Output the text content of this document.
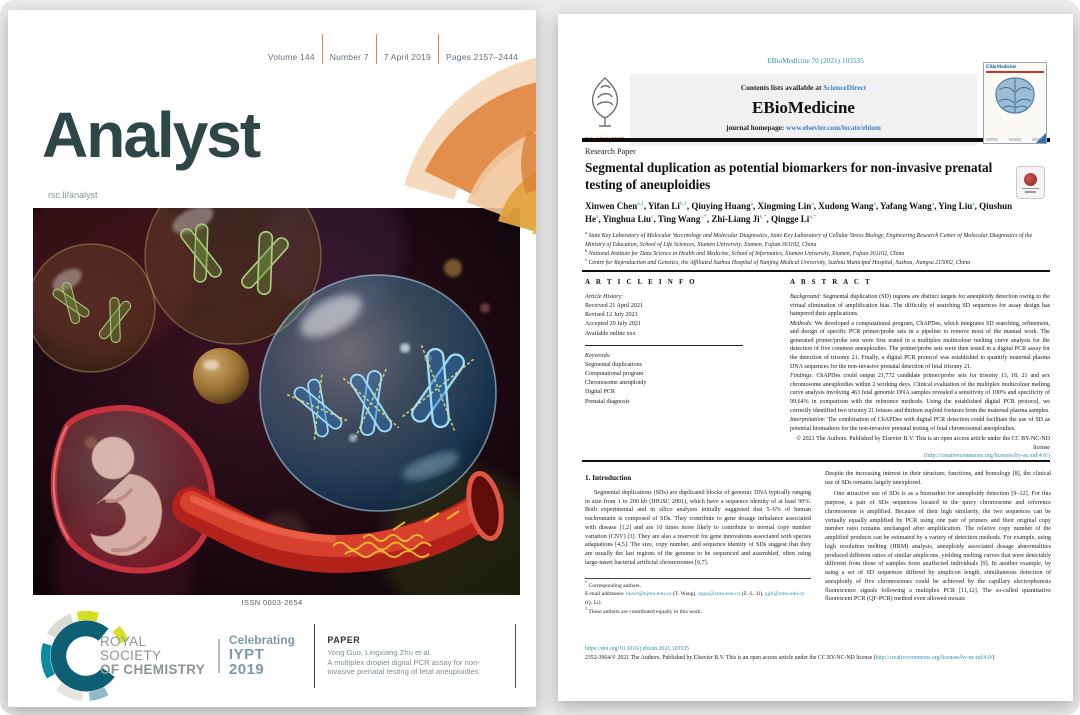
Volume 144 Number 7 7 April 2019 Pages 2157–2444
Analyst
rsc.li/analyst
ISSN 0003-2654
ROYAL SOCIETY
OF CHEMISTRY
Celebrating
IYPT 2019
PAPER
Yong Guo, Lingxiang Zhu et al.
A multiplex droplet digital PCR assay for non-invasive prenatal testing of fetal aneuploidies
EBioMedicine 70 (2021) 103535
Contents lists available at ScienceDirect
EBioMedicine
journal homepage: www.elsevier.com/locate/ebiom
EBioMedicine
Research Paper
Segmental duplication as potential biomarkers for non-invasive prenatal testing of aneuploidies
Xinwen Chen$^{a,1}$, Yifan Li$^{b,1}$, Qiuying Huang$^a$, Xingming Lin$^a$, Xudong Wang$^a$, Yafang Wang$^a$, Ying Liu$^a$, Qiushun He$^a$, Yinghua Liu$^c$, Ting Wang$^{c,*}$, Zhi-Liang $Ji^{b,*}$, Qingge $Li^{a,*}$
$^a$ State Key Laboratory of Molecular Vaccinology and Molecular Diagnostics, State Key Laboratory of Cellular Stress Biology, Engineering Research Center of Molecular Diagnostics of the Ministry of Education, School of Life Sciences, Xiamen University, Xiamen, Fujian 361102, China
$^b$ National Institute for Data Science in Health and Medicine, School of Informatics, Xiamen University, Xiamen, Fujian 361102, China
$^c$ Centre for Reproduction and Genetics, the Affiliated Suzhou Hospital of Nanjing Medical University, Suzhou Municipal Hospital, Suzhou, Jiangsu 215002, China
A R T I C L E I N F O
Article History:
Received 21 April 2021
Revised 12 July 2021
Accepted 20 July 2021
Available online xxx
Keywords:
Segmental duplications
Computational program
Chromosome aneuploidy
Digital PCR
Prenatal diagnosis
A B S T R A C T

Background: Segmental duplication (SD) regions are distinct targets for aneuploidy detection owing to the virtual elimination of amplification bias. The difficulty of searching SD sequences for assay design has hampered their applications.

Methods: We developed a computational program, ChAPDes, which integrates SD searching, refinement, and design of specific PCR primer/probe sets in a pipeline to remove most of the manual work. The generated primer/probe sets were first tested in a multiplex multicolour melting curve analysis for the detection of five common aneuploidies. The primer/probe sets were then tested in a digital PCR assay for the detection of trisomy 21. Finally, a digital PCR protocol was established to quantify maternal plasma DNA sequences for the non-invasive prenatal detection of fetal trisomy 21.

Findings: ChAPDes could output 21,772 candidate primer/probe sets for trisomy 13, 18, 21 and sex chromosome aneuploidies within 2 working days. Clinical evaluation of the multiplex multicolour melting curve analysis involving 463 fetal genomic DNA samples revealed a sensitivity of 100% and specificity of 99.64% in comparison with the reference methods. Using the established digital PCR protocol, we correctly identified two trisomy 21 fetuses and thirteen euploid foetuses from the maternal plasma samples.

Interpretation: The combination of ChAPDes with digital PCR detection could facilitate the use of SD as potential biomarkers for the non-invasive prenatal testing of fetal chromosomal aneuploidies.

© 2021 The Authors. Published by Elsevier B.V. This is an open access article under the CC BY-NC-ND license
(http://creativecommons.org/licenses/by-nc-nd/4.0/)
1. Introduction

Segmental duplications (SDs) are duplicated blocks of genomic DNA typically ranging in size from 1 to 200 kb (IHGSC 2001), which have a sequence identity of at least 90%. Both experimental and in silico analyses initially suggested that 5–6% of human euchromatin is composed of SDs. They contribute to gene dosage imbalance associated with disease [1,2] and are 10 times more likely to contribute to normal copy number variation (CNV) [3]. They are also a reservoir for gene innovations associated with species adaptations [4,5]. The size, copy number, and sequence identity of SDs suggest that they are usually the last regions of the genome to be sequenced and assembled, often using large-insert bacterial artificial chromosomes [6,7].

* Corresponding authors.
E-mail addresses: biowt@njmu.edu.cn (T. Wang), appo@xmu.edu.cn (Z.-L. Ji), qgli@xmu.edu.cn (Q. Li).
$^1$ These authors are contributed equally to this work.

Despite the increasing interest in their structure, functions, and homology [8], the clinical use of SDs remains largely unexplored.

One attractive use of SDs is as a biomarker for aneuploidy detection [9–12]. For this purpose, a pair of SDs sequences located in the query chromosome and reference chromosome is amplified. Because of their high similarity, the two sequences can be virtually equally amplified by PCR using one pair of primers and their original copy number ratio remains unchanged after amplification. The relative copy number of the amplified products can be estimated by a variety of detection methods. For example, using high resolution melting (HRM) analysis, aneuploidy associated dosage abnormalities produced different ratios of similar amplicons, yielding melting curves that were detectably different from those of samples from unaffected individuals [9]. In another example, by using a set of SD sequences differed by amplicon length, simultaneous detection of aneuploidy of five chromosomes could be achieved by the capillary electrophoresis fluorescence signals following a multiplex PCR [11,12]. The so-called quantitative fluorescent PCR (QF-PCR) method even allowed mosaic

https://doi.org/10.1016/j.ebiom.2021.103535
2352-3964/© 2021 The Authors. Published by Elsevier B.V. This is an open access article under the CC BY-NC-ND license (http://creativecommons.org/licenses/by-nc-nd/4.0/)
